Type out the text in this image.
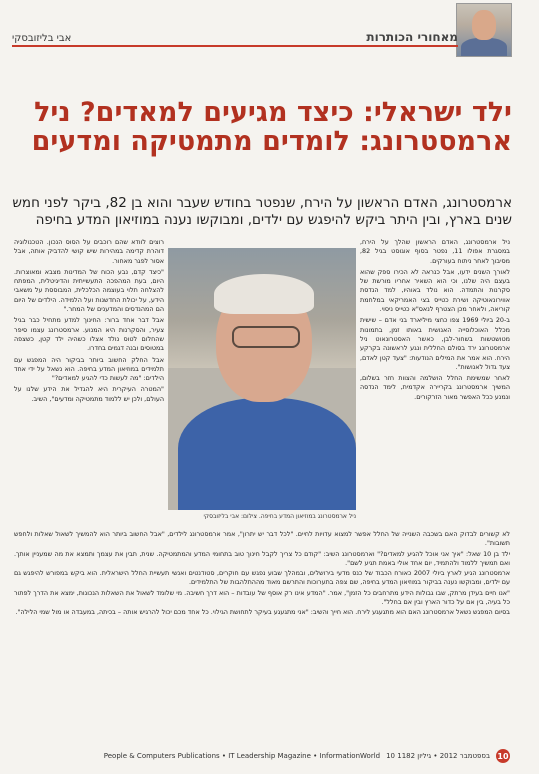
אבי בליזובסקי	מאחורי הכותרות
ילד ישראלי: כיצד מגיעים למאדים? ניל ארמסטרונג: לומדים מתמטיקה ומדעים

ארמסטרונג, האדם הראשון על הירח, שנפטר בחודש שעבר והוא בן 82, ביקר לפני חמש שנים בארץ, ובין היתר ביקש להיפגש עם ילדים, ומבוקשו נענה במוזיאון המדע בחיפה

ניל ארמסטרונג, האדם הראשון שהלך על הירח, במסגרת אפולו 11, נפטר בסוף אוגוסט בגיל 82, מסיבוך לאחר ניתוח בעורקים.

לאורך השנים ידעו, אבל כנראה לא הכירו ספק שהוא בעצם היה שלנו, וכי הוא השאיר אחריו מורשת של סקרנות והתמדה. הוא נולד באוהיו, למד הנדסת אווירונאוטיקה ושירת כטייס בצי האמריקאי במלחמת קוריאה, ולאחר מכן הצטרף לנאס"א כטייס ניסוי.

ב-20 ביולי 1969 צפו כחצי מיליארד בני אדם – שישית מכלל האוכלוסייה האנושית באותו זמן, בתמונות מטושטשות בשחור-לבן, כאשר האסטרונאוט ניל ארמסטרונג ירד בסולם החללית ונגע לראשונה בקרקע הירח. הוא אמר את המילים הנודעות: "צעד קטן לאדם, צעד גדול לאנושות".

לאחר שמשימת החלל הושלמה והצוות חזר בשלום, המשיך ארמסטרונג בקריירה אקדמית, לימד הנדסה ונמנע ככל האפשר מאור הזרקורים.

ניל ארמסטרונג במוזיאון המדע בחיפה. צילום: אבי בליזובסקי

רוצים לוודא שהם רוכבים על הסוס הנכון. הטכנולוגיה דוהרת קדימה במהירות שיש קושי להדביק אותה, אבל אסור לפגר מאחור.

"כיצד קדם, נבע הכוח של המדינות מצבא ומאוצרות. היום, בעת המהפכה התעשייתית והדיגיטלית, המפתח להצלחה תלוי בעוצמה הכלכלית, המבוססת על משאבי הידע, על יכולת החדשנות ועל הלמידה. הילדים של היום הם המהנדסים והמדענים של המחר."

אבל דבר אחד ברור: החינוך למדע מתחיל כבר בגיל צעיר, והסקרנות היא המנוע. ארמסטרונג עצמו סיפר שהחלום לטוס נולד אצלו כשהיה ילד קטן, כשצפה במטוסים ובנה דגמים בחדרו.

אבל החלק החשוב ביותר בביקור היה המפגש עם תלמידים במוזיאון המדע בחיפה. הוא נשאל על ידי אחד הילדים: "מה לעשות כדי להגיע למאדים?"

"המטרה העיקרית היא להגדיל את הידע שלנו על העולם, ולכן יש ללמוד מתמטיקה ומדעים", השיב.

לא קשורים לבדוק האם בשכבה השנייה של החלל אפשר למצוא עדויות לחיים. "לכל דבר יש יתרון", אמר ארמסטרונג לילדים, "אבל החשוב ביותר הוא להמשיך לשאול שאלות ולחפש תשובות".

ילד בן 10 שאל: "איך אני אוכל להגיע למאדים?" וארמסטרונג השיב: "קודם כל צריך לקבל חינוך טוב בתחומי המדע והמתמטיקה. שנית, תבין את עצמך ותמצא את מה שמעניין אותך. ואם תמשיך ללמוד ולהתמיד, יום אחד אולי באמת תגיע לשם".

ארמסטרונג הגיע לארץ ביולי 2007 כאורח הכבוד של כנס מדעי בירושלים, ובמהלך שבוע נפגש עם חוקרים, סטודנטים ואנשי תעשיית החלל הישראלית. הוא ביקש במפורש להיפגש גם עם ילדים, ומבוקשו נענה בביקור במוזיאון המדע בחיפה, שם צפה בתערוכות והתרשם מאוד מההתלהבות של התלמידים.

"אנו חיים בעידן מרתק, שבו גבולות הידע מתרחבים כל הזמן", אמר. "המדע אינו רק אוסף של עובדות – הוא דרך חשיבה. מי שלומד לשאול את השאלות הנכונות, ימצא את הדרך לפתור כל בעיה, בין אם על כדור הארץ ובין אם בחלל".

בסיום המפגש נשאל ארמסטרונג האם הוא מתגעגע לירח. הוא חייך והשיב: "אני מתגעגע בעיקר לתחושת הגילוי. כל אחד מכם יכול להרגיש אותה – בכיתה, במעבדה או מול שמי הלילה".

People & Computers Publications • IT Leadership Magazine • InformationWorld 10 בספטמבר 2012 • גיליון 1182 10
